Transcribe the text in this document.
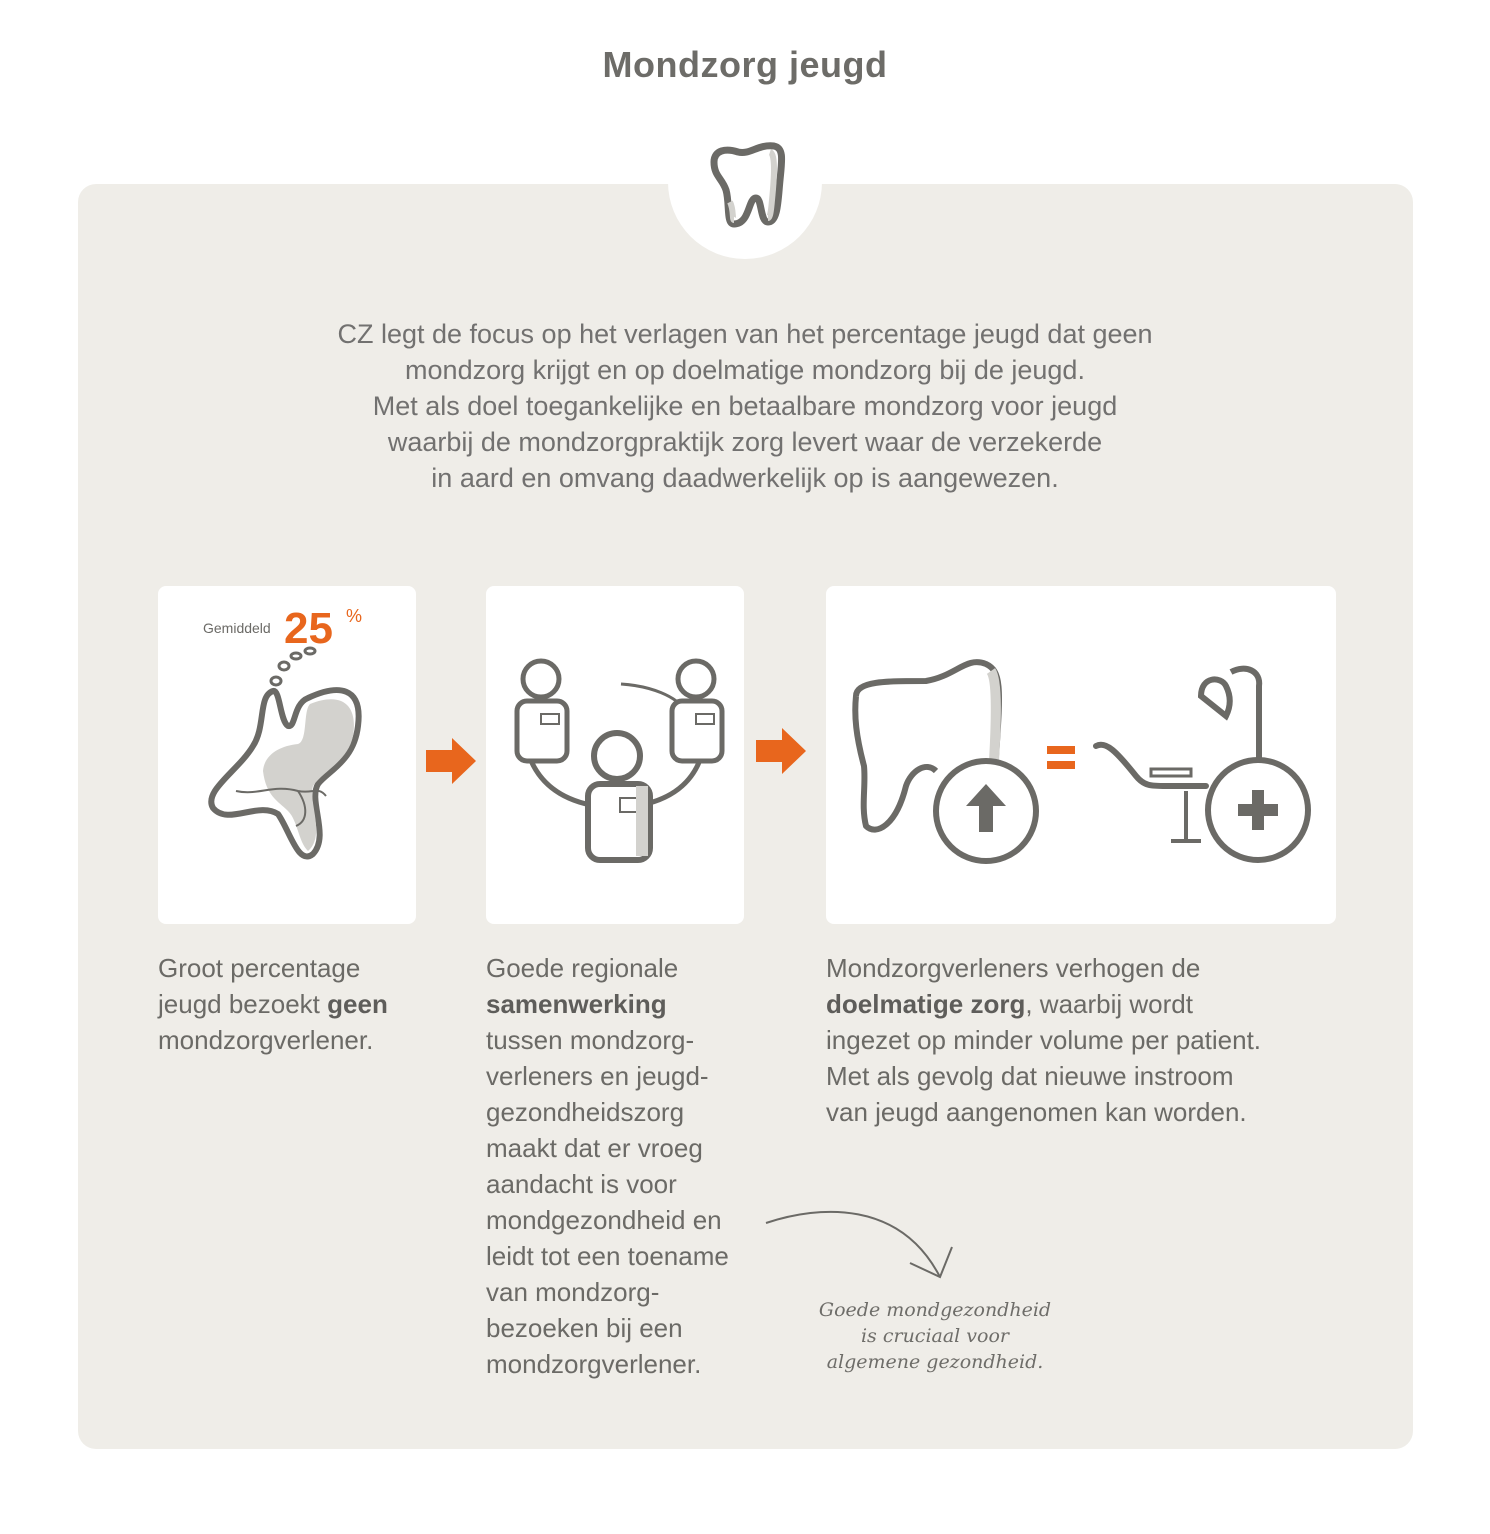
Mondzorg jeugd
CZ legt de focus op het verlagen van het percentage jeugd dat geen
mondzorg krijgt en op doelmatige mondzorg bij de jeugd.
Met als doel toegankelijke en betaalbare mondzorg voor jeugd
waarbij de mondzorgpraktijk zorg levert waar de verzekerde
in aard en omvang daadwerkelijk op is aangewezen.
Gemiddeld 25 %
Groot percentage
jeugd bezoekt geen
mondzorgverlener.
Goede regionale
samenwerking
tussen mondzorg-
verleners en jeugd-
gezondheidszorg
maakt dat er vroeg
aandacht is voor
mondgezondheid en
leidt tot een toename
van mondzorg-
bezoeken bij een
mondzorgverlener.
Mondzorgverleners verhogen de
doelmatige zorg, waarbij wordt
ingezet op minder volume per patient.
Met als gevolg dat nieuwe instroom
van jeugd aangenomen kan worden.
Goede mondgezondheid
is cruciaal voor
algemene gezondheid.
